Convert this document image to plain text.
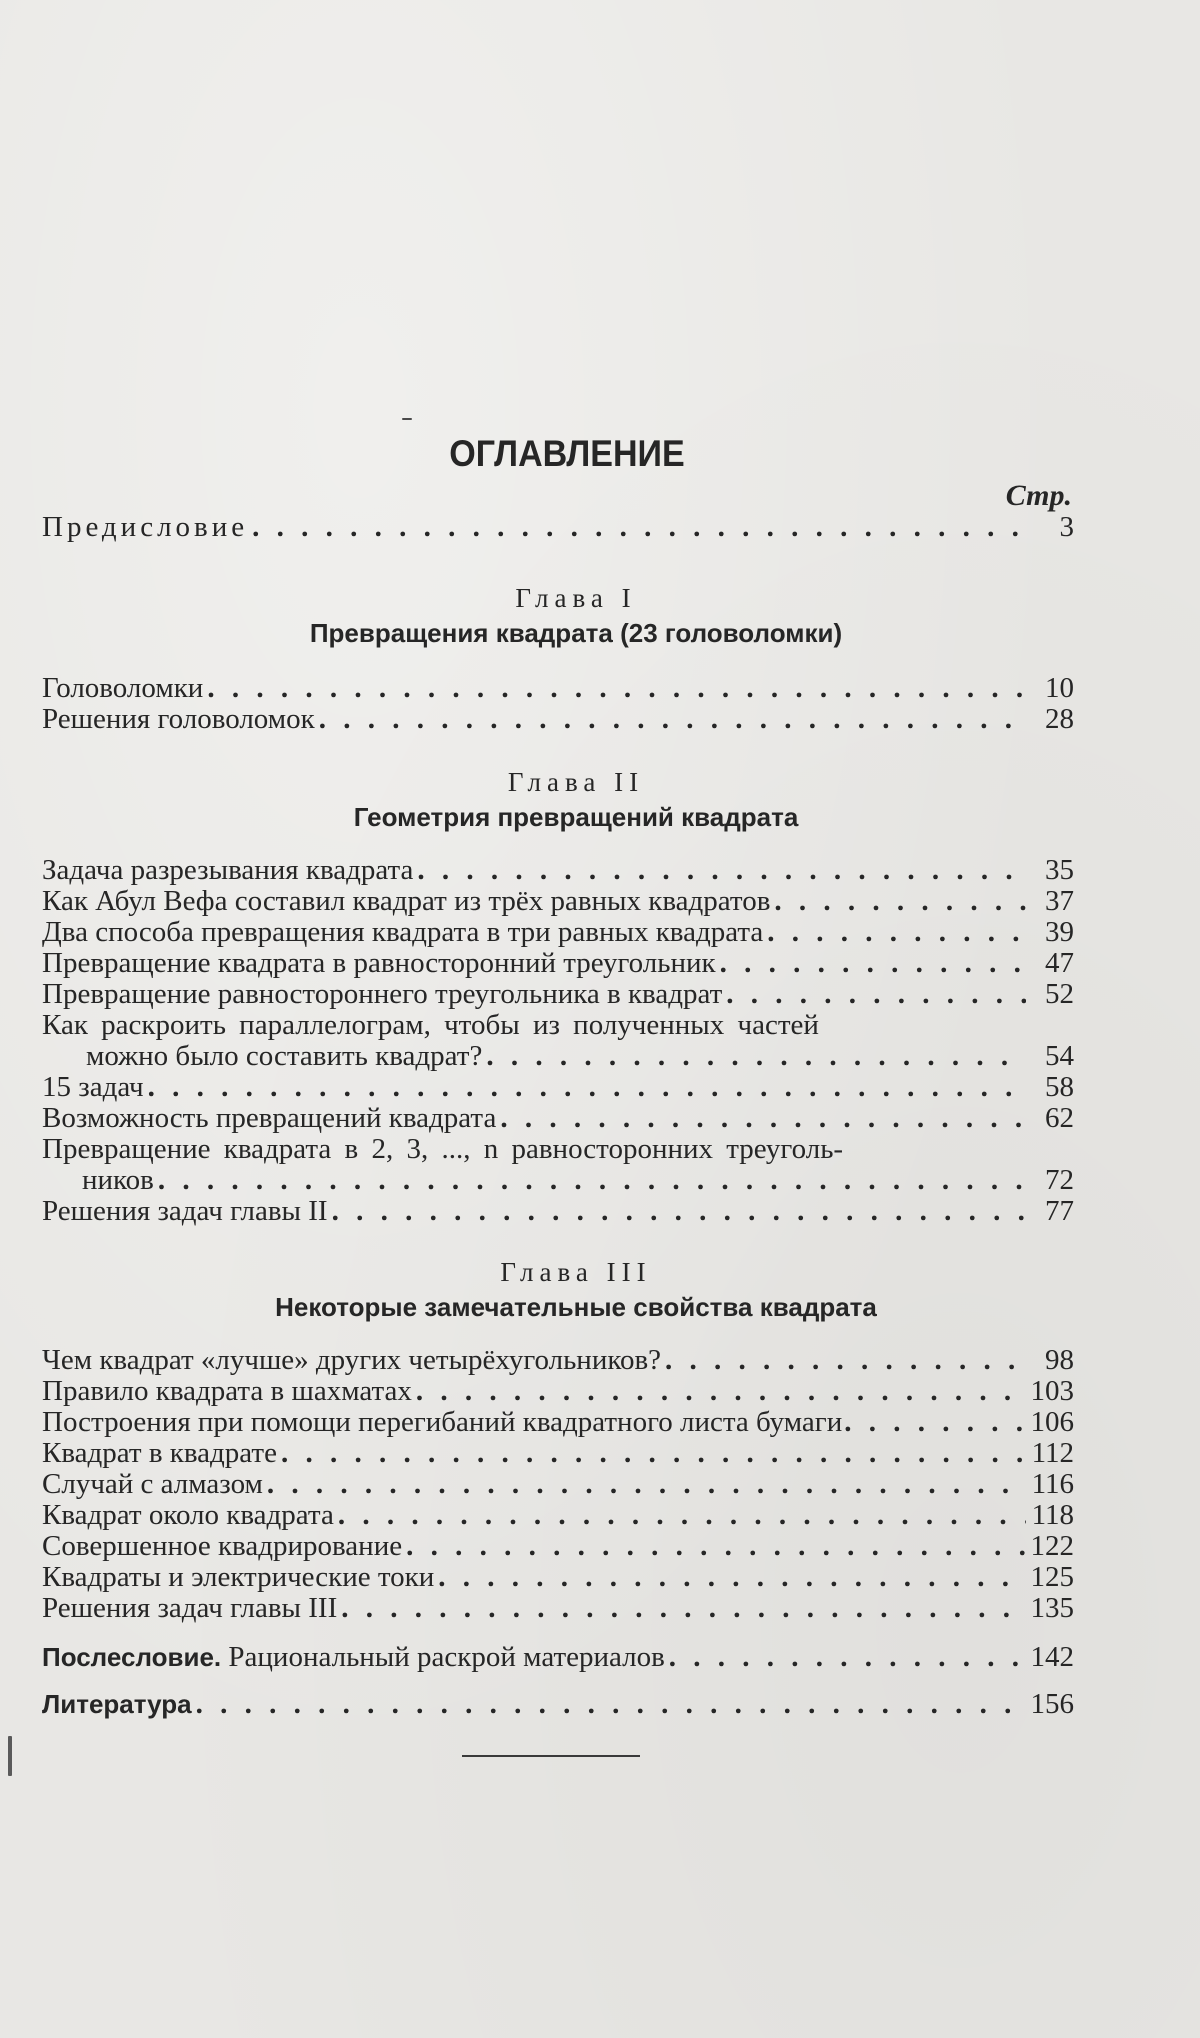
ОГЛАВЛЕНИЕ
Стр.
Предисловие . . .	3
Глава I
Превращения квадрата (23 головоломки)
Головоломки . . .	10
Решения головоломок . . .	28
Глава II
Геометрия превращений квадрата
Задача разрезывания квадрата . . .	35
Как Абул Вефа составил квадрат из трёх равных квадратов . . .	37
Два способа превращения квадрата в три равных квадрата . . .	39
Превращение квадрата в равносторонний треугольник . . .	47
Превращение равностороннего треугольника в квадрат . . .	52
Как раскроить параллелограм, чтобы из полученных частей
можно было составить квадрат? . . .	54
15 задач . . .	58
Возможность превращений квадрата . . .	62
Превращение квадрата в 2, 3, ..., n равносторонних треуголь-
ников . . .	72
Решения задач главы II . . .	77
Глава III
Некоторые замечательные свойства квадрата
Чем квадрат «лучше» других четырёхугольников? . . .	98
Правило квадрата в шахматах . . .	103
Построения при помощи перегибаний квадратного листа бумаги . . .	106
Квадрат в квадрате . . .	112
Случай с алмазом . . .	116
Квадрат около квадрата . . .	118
Совершенное квадрирование . . .	122
Квадраты и электрические токи . . .	125
Решения задач главы III . . .	135
Послесловие. Рациональный раскрой материалов . . .	142
Литература . . .	156
